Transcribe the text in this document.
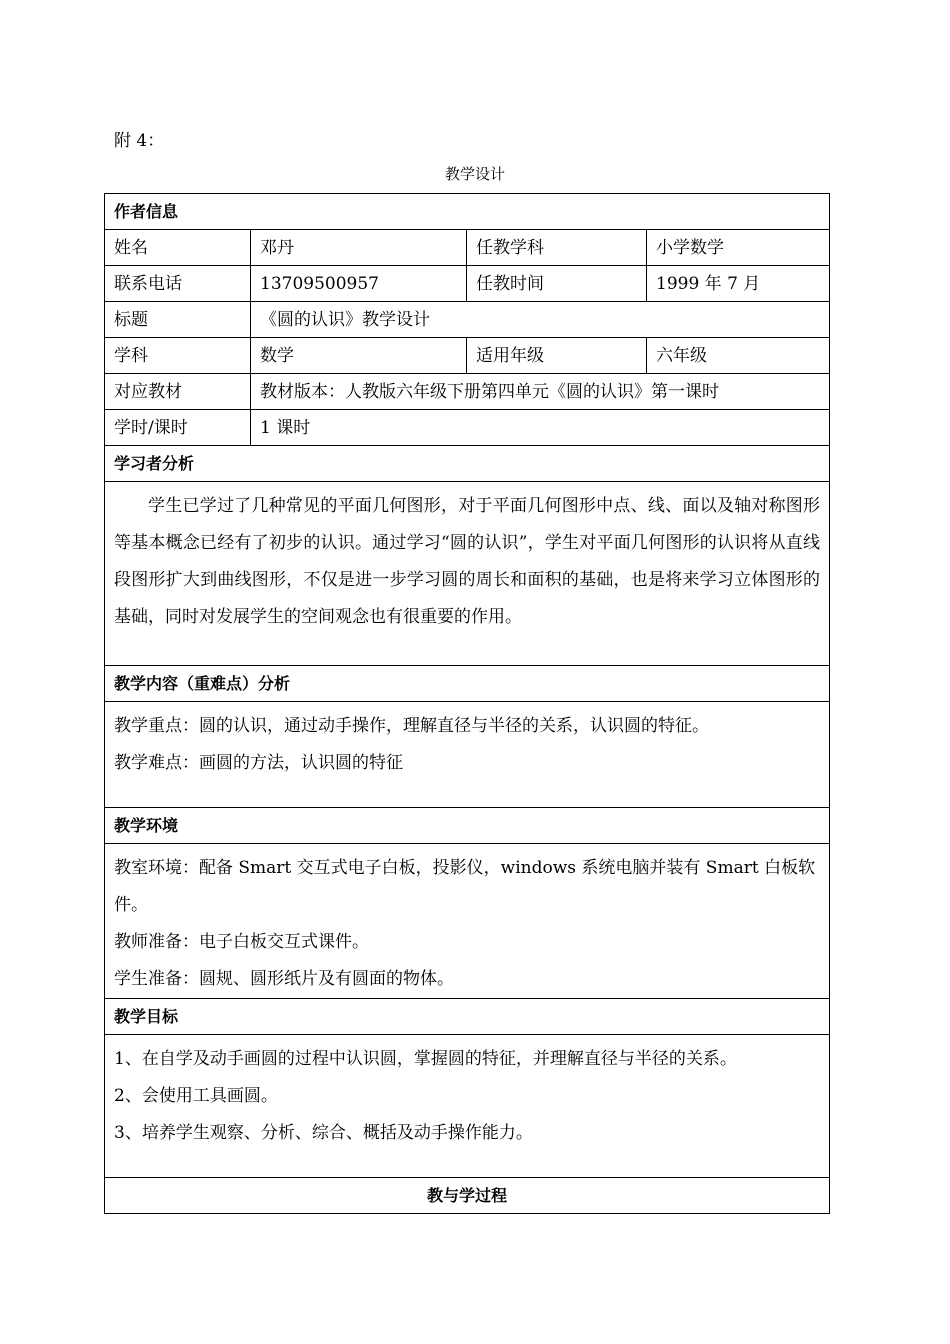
附 4：
教学设计
作者信息			
姓名	邓丹	任教学科	小学数学
联系电话	13709500957	任教时间	1999 年 7 月
标题	《圆的认识》教学设计		
学科	数学	适用年级	六年级
对应教材	教材版本：人教版六年级下册第四单元《圆的认识》第一课时		
学时/课时	1 课时		
学习者分析			

学生已学过了几种常见的平面几何图形，对于平面几何图形中点、线、面以及轴对称图形等基本概念已经有了初步的认识。通过学习“圆的认识”，学生对平面几何图形的认识将从直线段图形扩大到曲线图形，不仅是进一步学习圆的周长和面积的基础，也是将来学习立体图形的基础，同时对发展学生的空间观念也有很重要的作用。			

教学内容（重难点）分析			

教学重点：圆的认识，通过动手操作，理解直径与半径的关系，认识圆的特征。

教学难点：画圆的方法，认识圆的特征			

教学环境			

教室环境：配备 Smart 交互式电子白板，投影仪，windows 系统电脑并装有 Smart 白板软件。

教师准备：电子白板交互式课件。

学生准备：圆规、圆形纸片及有圆面的物体。			

教学目标			

1、在自学及动手画圆的过程中认识圆，掌握圆的特征，并理解直径与半径的关系。

2、会使用工具画圆。

3、培养学生观察、分析、综合、概括及动手操作能力。			

教与学过程			
